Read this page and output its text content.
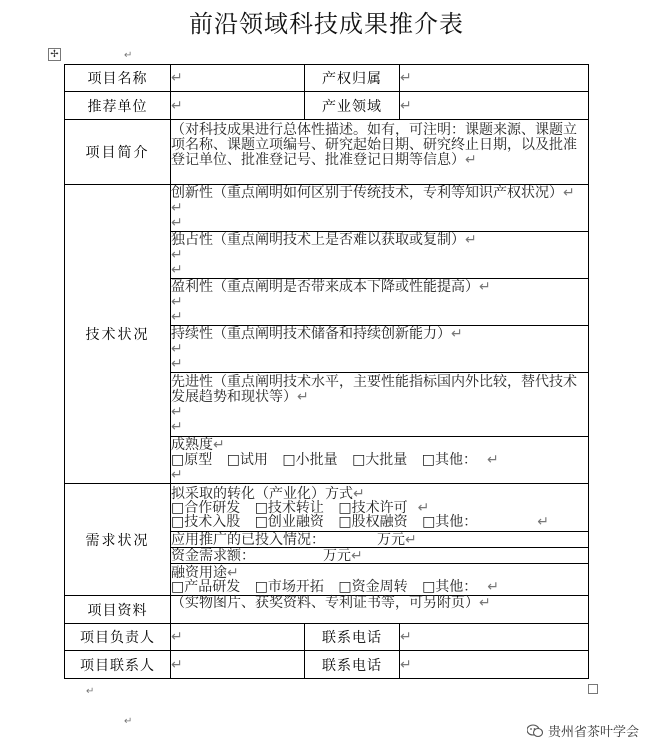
前沿领域科技成果推介表
✢	↵
项目名称	↵	产权归属	↵
推荐单位	↵	产业领域	↵
项目简介	（对科技成果进行总体性描述。如有，可注明：课题来源、课题立项名称、课题立项编号、研究起始日期、研究终止日期，以及批准登记单位、批准登记号、批准登记日期等信息）↵		
技术状况	创新性（重点阐明如何区别于传统技术，专利等知识产权状况）↵
↵
↵		
	独占性（重点阐明技术上是否难以获取或复制）↵
↵
↵		
	盈利性（重点阐明是否带来成本下降或性能提高）↵
↵
↵		
	持续性（重点阐明技术储备和持续创新能力）↵
↵
↵		
	先进性（重点阐明技术水平，主要性能指标国内外比较，替代技术发展趋势和现状等）↵
↵
↵		
	成熟度↵
□原型 □试用 □小批量 □大批量 □其他： ↵
↵		
需求状况	拟采取的转化（产业化）方式↵
□合作研发 □技术转让 □技术许可 ↵
□技术入股 □创业融资 □股权融资 □其他： ↵		
	应用推广的已投入情况： 万元↵		
	资金需求额： 万元↵		
	融资用途↵
□产品研发 □市场开拓 □资金周转 □其他： ↵		
项目资料	（实物图片、获奖资料、专利证书等，可另附页）↵		
项目负责人	↵	联系电话	↵
项目联系人	↵	联系电话	↵
↵
↵
贵州省茶叶学会
